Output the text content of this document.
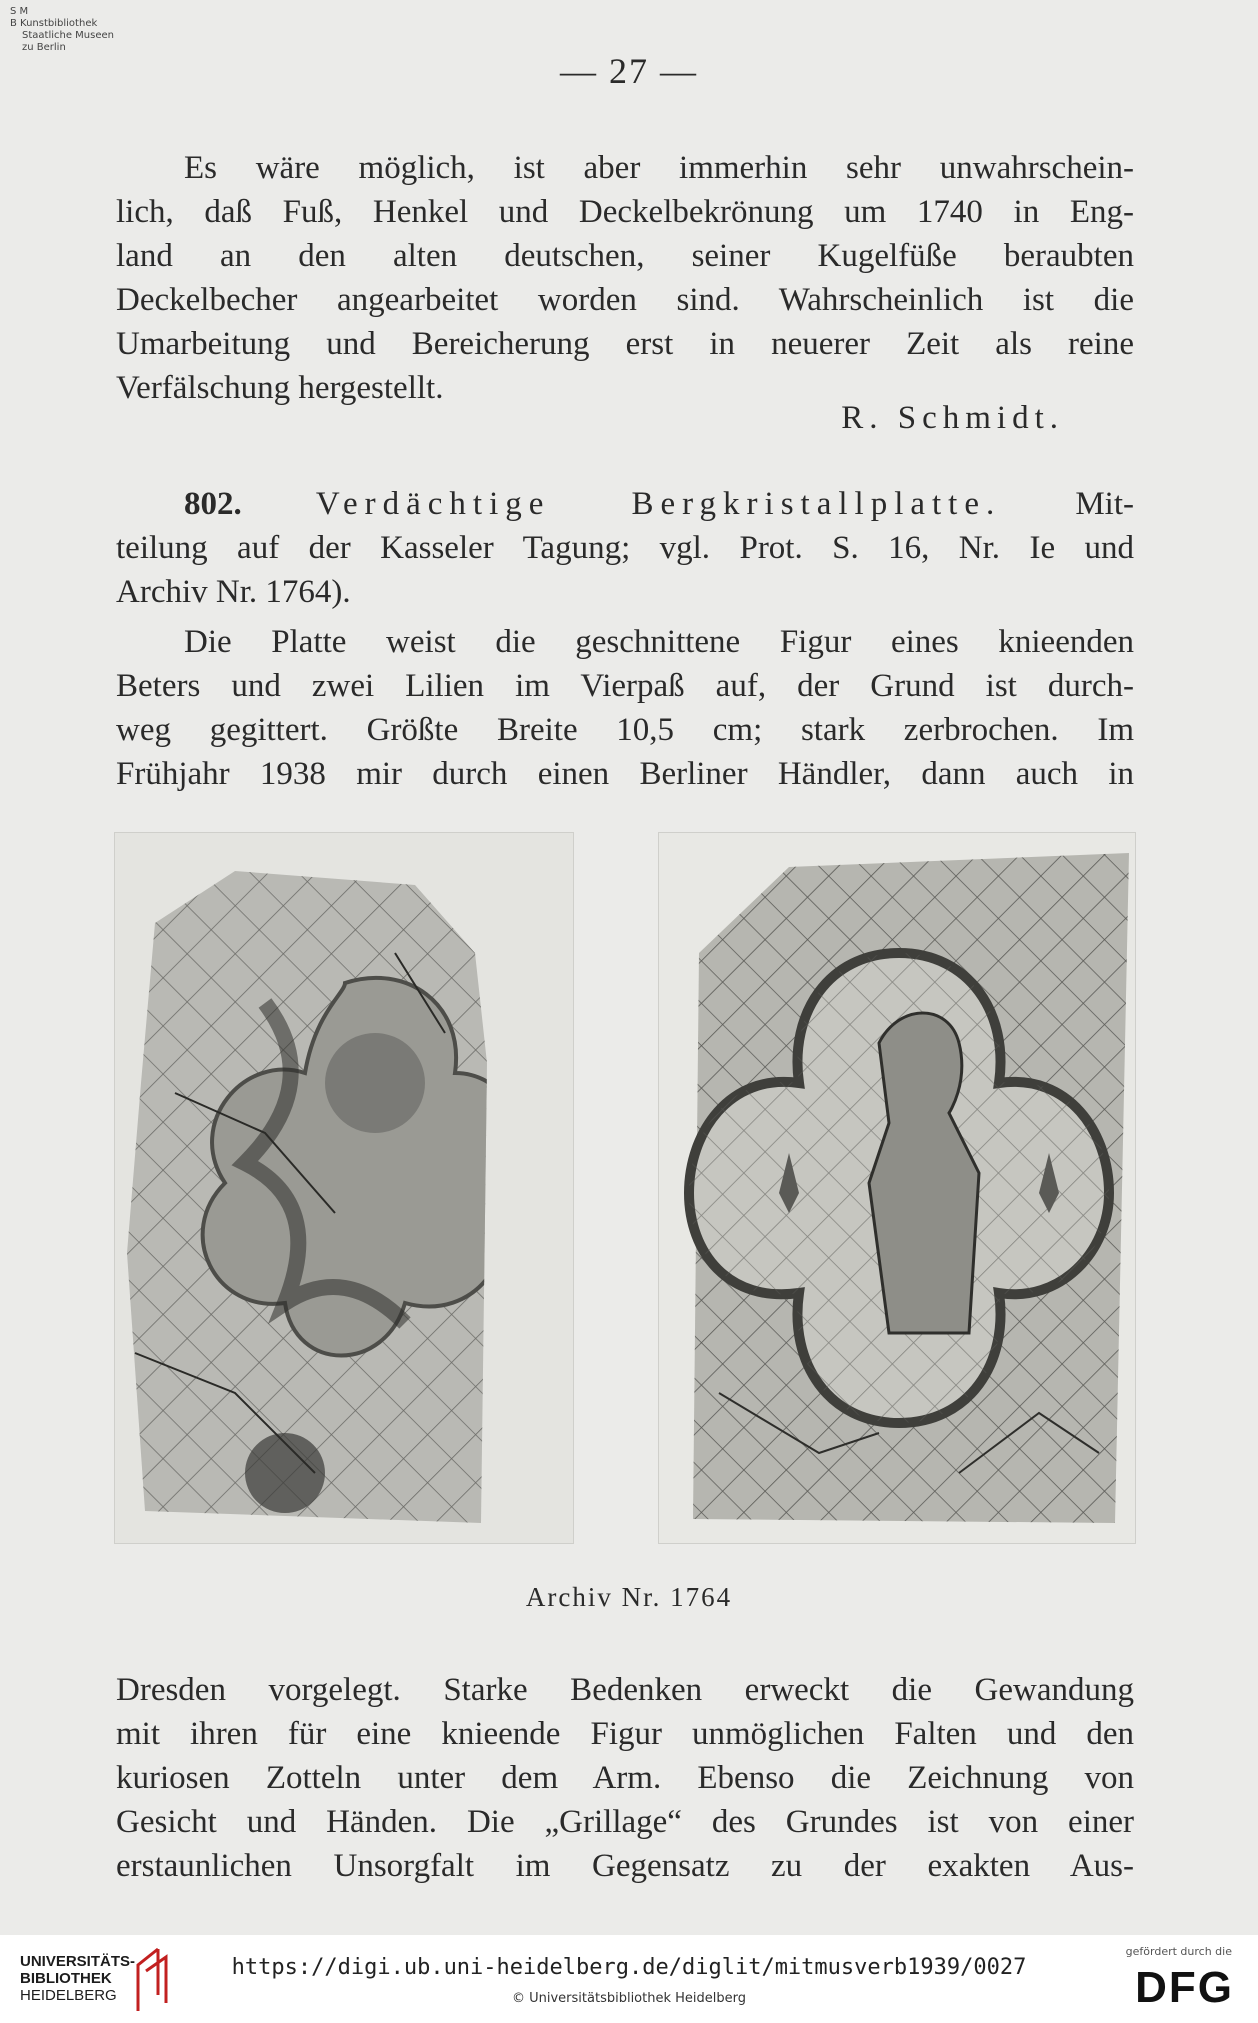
S M
B Kunstbibliothek
Staatliche Museen
zu Berlin
— 27 —
Es wäre möglich, ist aber immerhin sehr unwahrschein-
lich, daß Fuß, Henkel und Deckelbekrönung um 1740 in Eng-
land an den alten deutschen, seiner Kugelfüße beraubten
Deckelbecher angearbeitet worden sind. Wahrscheinlich ist die
Umarbeitung und Bereicherung erst in neuerer Zeit als reine
Verfälschung hergestellt.
R. Schmidt.
802. Verdächtige Bergkristallplatte. Mit-
teilung auf der Kasseler Tagung; vgl. Prot. S. 16, Nr. Ie und
Archiv Nr. 1764).
Die Platte weist die geschnittene Figur eines knieenden
Beters und zwei Lilien im Vierpaß auf, der Grund ist durch-
weg gegittert. Größte Breite 10,5 cm; stark zerbrochen. Im
Frühjahr 1938 mir durch einen Berliner Händler, dann auch in
Archiv Nr. 1764
Dresden vorgelegt. Starke Bedenken erweckt die Gewandung
mit ihren für eine knieende Figur unmöglichen Falten und den
kuriosen Zotteln unter dem Arm. Ebenso die Zeichnung von
Gesicht und Händen. Die „Grillage“ des Grundes ist von einer
erstaunlichen Unsorgfalt im Gegensatz zu der exakten Aus-
UNIVERSITÄTS-
BIBLIOTHEK
HEIDELBERG
https://digi.ub.uni-heidelberg.de/diglit/mitmusverb1939/0027
© Universitätsbibliothek Heidelberg
gefördert durch die
DFG
